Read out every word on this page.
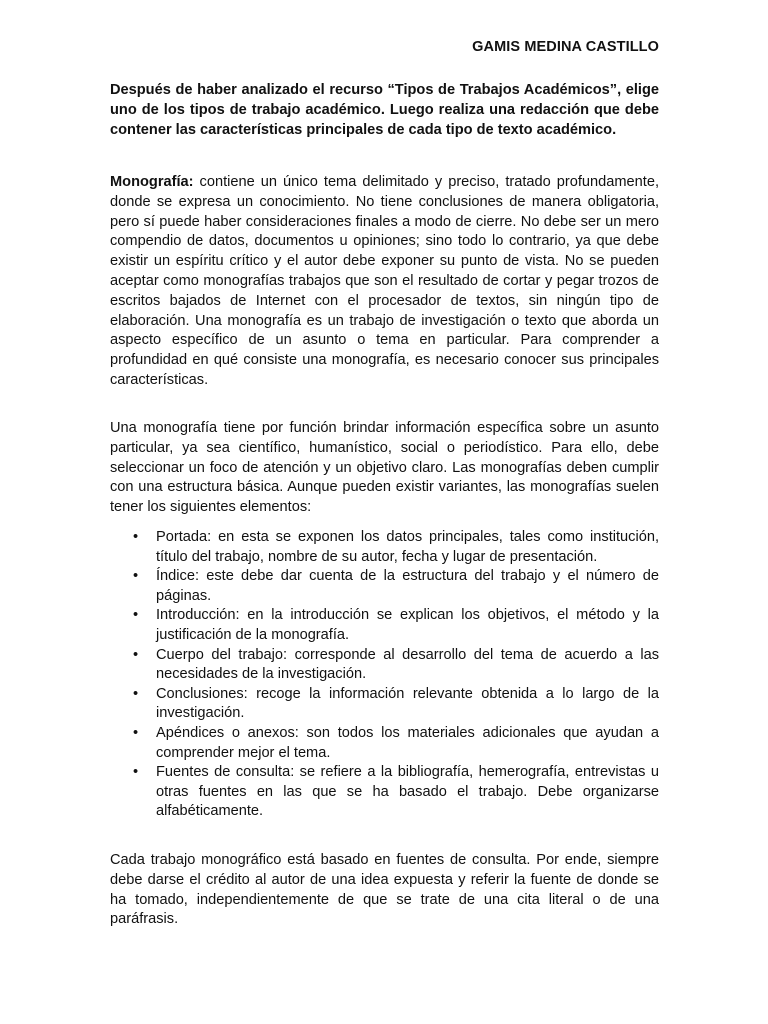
GAMIS MEDINA CASTILLO

Después de haber analizado el recurso “Tipos de Trabajos Académicos”, elige uno de los tipos de trabajo académico. Luego realiza una redacción que debe contener las características principales de cada tipo de texto académico.

Monografía: contiene un único tema delimitado y preciso, tratado profundamente, donde se expresa un conocimiento. No tiene conclusiones de manera obligatoria, pero sí puede haber consideraciones finales a modo de cierre. No debe ser un mero compendio de datos, documentos u opiniones; sino todo lo contrario, ya que debe existir un espíritu crítico y el autor debe exponer su punto de vista. No se pueden aceptar como monografías trabajos que son el resultado de cortar y pegar trozos de escritos bajados de Internet con el procesador de textos, sin ningún tipo de elaboración. Una monografía es un trabajo de investigación o texto que aborda un aspecto específico de un asunto o tema en particular. Para comprender a profundidad en qué consiste una monografía, es necesario conocer sus principales características.

Una monografía tiene por función brindar información específica sobre un asunto particular, ya sea científico, humanístico, social o periodístico. Para ello, debe seleccionar un foco de atención y un objetivo claro. Las monografías deben cumplir con una estructura básica. Aunque pueden existir variantes, las monografías suelen tener los siguientes elementos:

• Portada: en esta se exponen los datos principales, tales como institución, título del trabajo, nombre de su autor, fecha y lugar de presentación.
• Índice: este debe dar cuenta de la estructura del trabajo y el número de páginas.
• Introducción: en la introducción se explican los objetivos, el método y la justificación de la monografía.
• Cuerpo del trabajo: corresponde al desarrollo del tema de acuerdo a las necesidades de la investigación.
• Conclusiones: recoge la información relevante obtenida a lo largo de la investigación.
• Apéndices o anexos: son todos los materiales adicionales que ayudan a comprender mejor el tema.
• Fuentes de consulta: se refiere a la bibliografía, hemerografía, entrevistas u otras fuentes en las que se ha basado el trabajo. Debe organizarse alfabéticamente.

Cada trabajo monográfico está basado en fuentes de consulta. Por ende, siempre debe darse el crédito al autor de una idea expuesta y referir la fuente de donde se ha tomado, independientemente de que se trate de una cita literal o de una paráfrasis.
